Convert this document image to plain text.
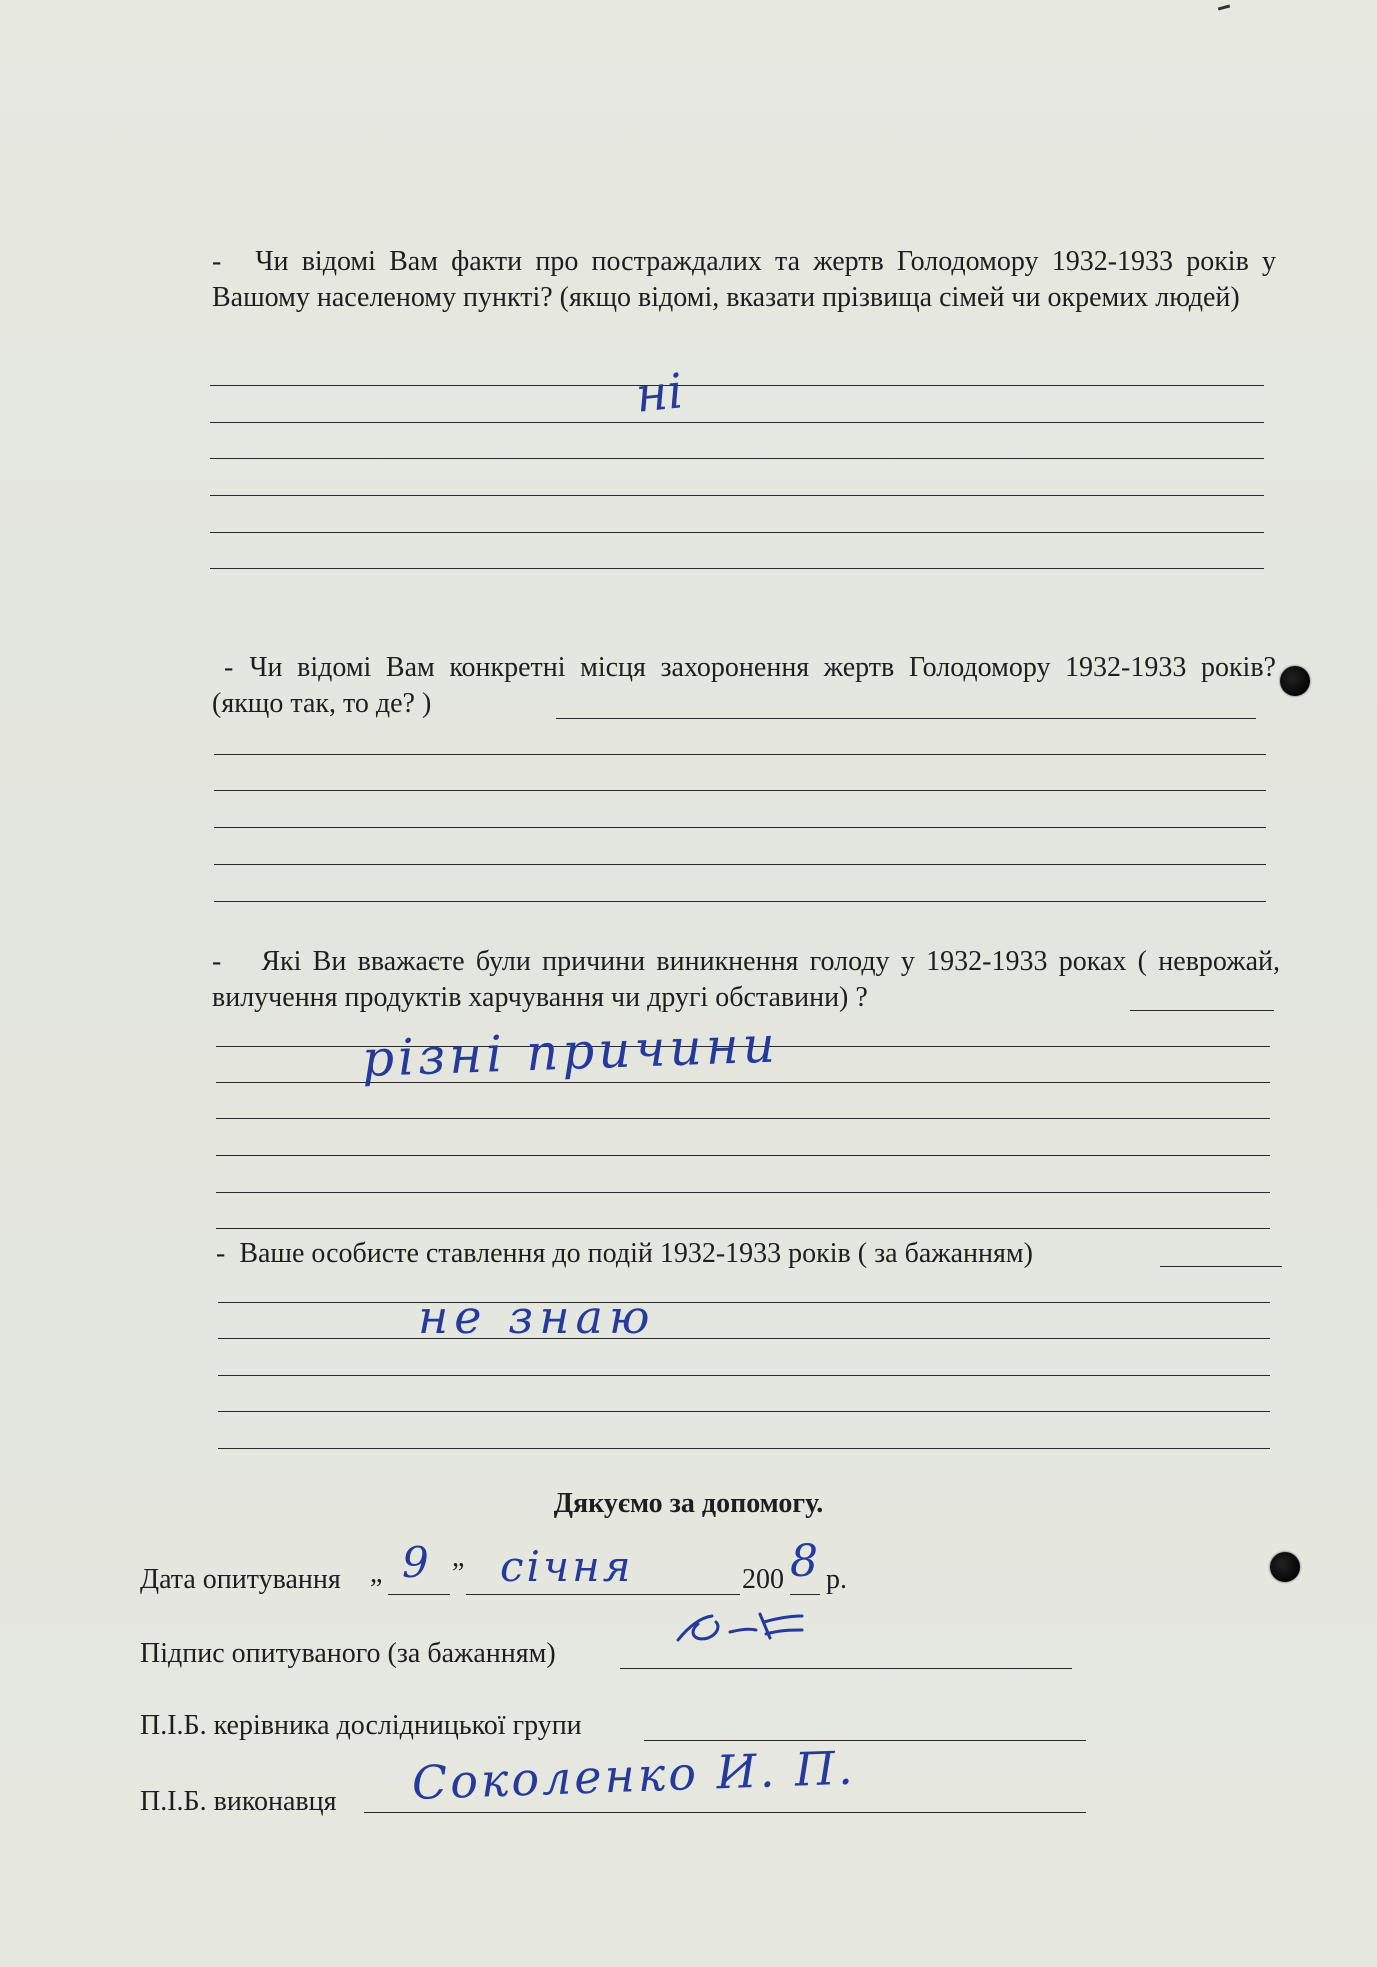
- Чи відомі Вам факти про постраждалих та жертв Голодомору 1932-1933 років у Вашому населеному пункті? (якщо відомі, вказати прізвища сімей чи окремих людей)
ні
- Чи відомі Вам конкретні місця захоронення жертв Голодомору 1932-1933 років? (якщо так, то де? )
- Які Ви вважаєте були причини виникнення голоду у 1932-1933 роках ( неврожай, вилучення продуктів харчування чи другі обставини) ?
різні причини
- Ваше особисте ставлення до подій 1932-1933 років ( за бажанням)
не знаю
Дякуємо за допомогу.
Дата опитування „ 9 ” січня	200 8 р.
Підпис опитуваного (за бажанням)
П.І.Б. керівника дослідницької групи
П.І.Б. виконавця Соколенко И. П.
